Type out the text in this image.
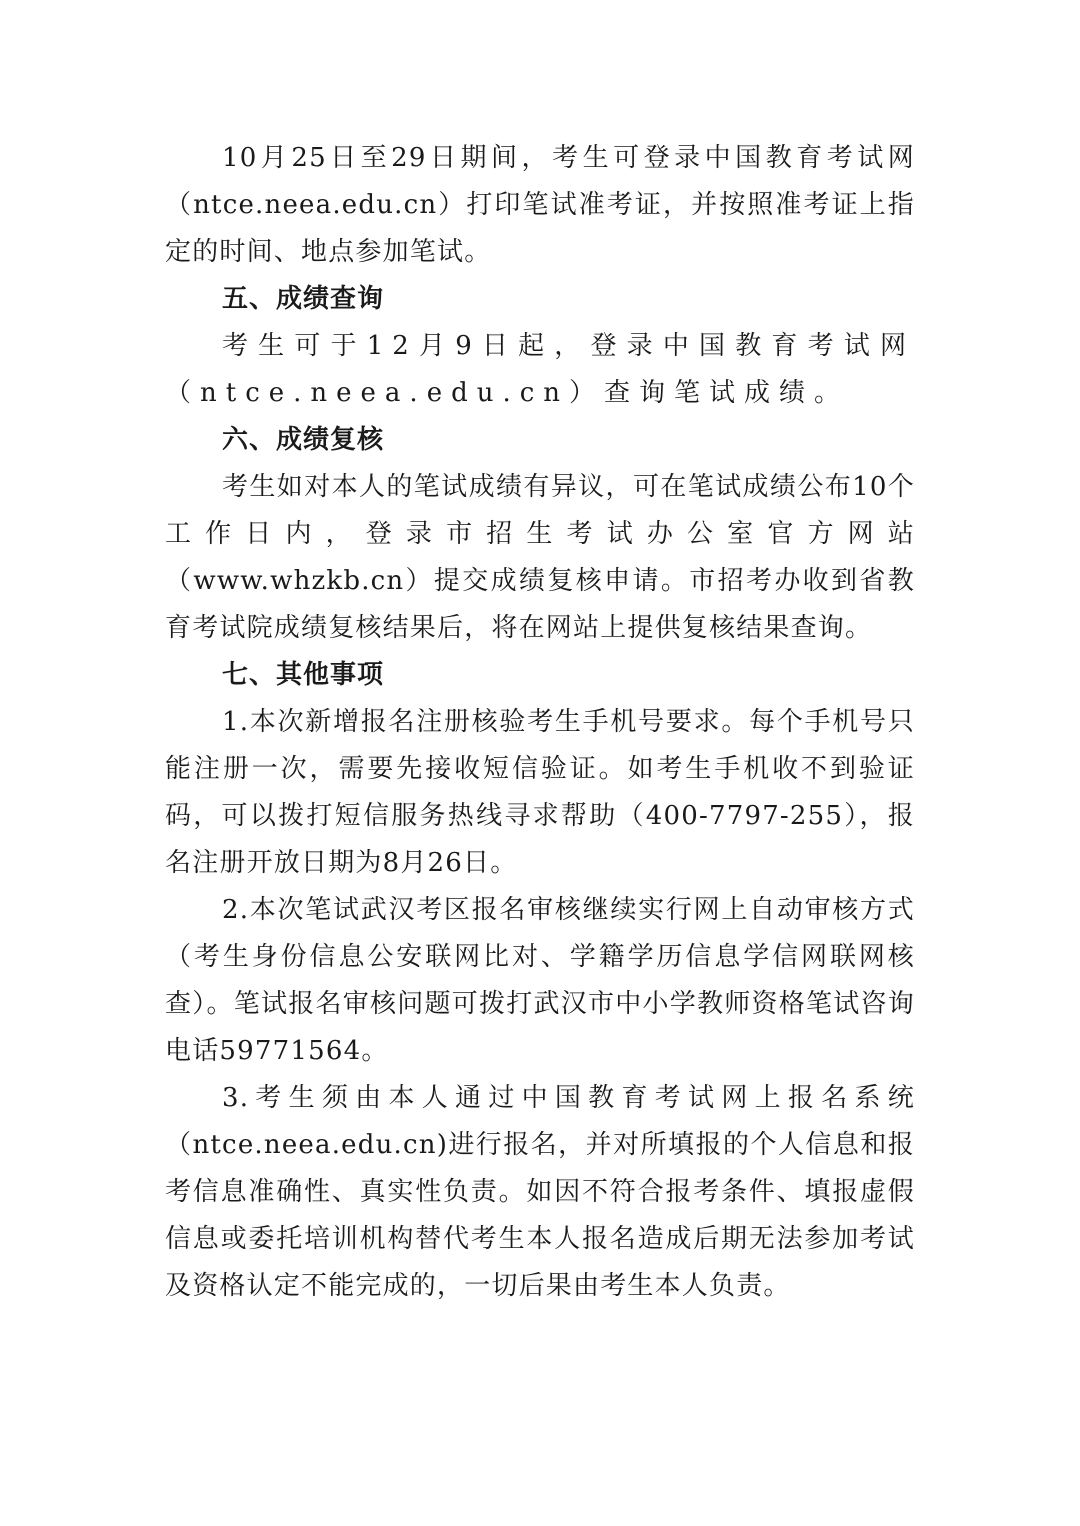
10月25日至29日期间，考生可登录中国教育考试网（ntce.neea.edu.cn）打印笔试准考证，并按照准考证上指定的时间、地点参加笔试。

五、成绩查询

考生可于12月9日起，登录中国教育考试网（ntce.neea.edu.cn）查询笔试成绩。

六、成绩复核

考生如对本人的笔试成绩有异议，可在笔试成绩公布10个工作日内，登录市招生考试办公室官方网站（www.whzkb.cn）提交成绩复核申请。市招考办收到省教育考试院成绩复核结果后，将在网站上提供复核结果查询。

七、其他事项

1.本次新增报名注册核验考生手机号要求。每个手机号只能注册一次，需要先接收短信验证。如考生手机收不到验证码，可以拨打短信服务热线寻求帮助（400-7797-255），报名注册开放日期为8月26日。

2.本次笔试武汉考区报名审核继续实行网上自动审核方式（考生身份信息公安联网比对、学籍学历信息学信网联网核查）。笔试报名审核问题可拨打武汉市中小学教师资格笔试咨询电话59771564。

3.考生须由本人通过中国教育考试网上报名系统（ntce.neea.edu.cn)进行报名，并对所填报的个人信息和报考信息准确性、真实性负责。如因不符合报考条件、填报虚假信息或委托培训机构替代考生本人报名造成后期无法参加考试及资格认定不能完成的，一切后果由考生本人负责。
